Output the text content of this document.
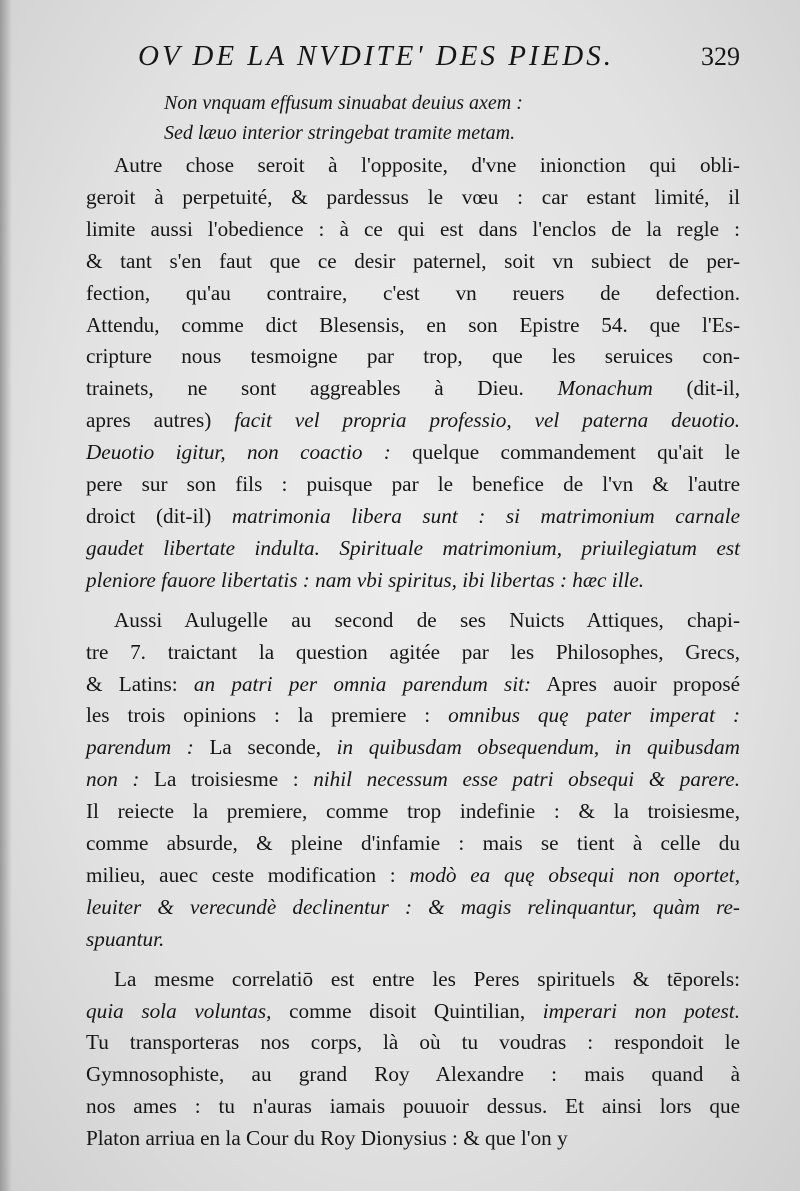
OV DE LA NVDITE' DES PIEDS.	329

Non vnquam effusum sinuabat deuius axem :

Sed læuo interior stringebat tramite metam.

Autre chose seroit à l'opposite, d'vne inionction qui obli-
geroit à perpetuité, & pardessus le vœu : car estant limité, il
limite aussi l'obedience : à ce qui est dans l'enclos de la regle :
& tant s'en faut que ce desir paternel, soit vn subiect de per-
fection, qu'au contraire, c'est vn reuers de defection.
Attendu, comme dict Blesensis, en son Epistre 54. que l'Es-
cripture nous tesmoigne par trop, que les seruices con-
trainets, ne sont aggreables à Dieu. Monachum (dit-il,
apres autres) facit vel propria professio, vel paterna deuotio.
Deuotio igitur, non coactio : quelque commandement qu'ait le
pere sur son fils : puisque par le benefice de l'vn & l'autre
droict (dit-il) matrimonia libera sunt : si matrimonium carnale
gaudet libertate indulta. Spirituale matrimonium, priuilegiatum est
pleniore fauore libertatis : nam vbi spiritus, ibi libertas : hæc ille.

Aussi Aulugelle au second de ses Nuicts Attiques, chapi-
tre 7. traictant la question agitée par les Philosophes, Grecs,
& Latins: an patri per omnia parendum sit: Apres auoir proposé
les trois opinions : la premiere : omnibus quę pater imperat :
parendum : La seconde, in quibusdam obsequendum, in quibusdam
non : La troisiesme : nihil necessum esse patri obsequi & parere.
Il reiecte la premiere, comme trop indefinie : & la troisiesme,
comme absurde, & pleine d'infamie : mais se tient à celle du
milieu, auec ceste modification : modò ea quę obsequi non oportet,
leuiter & verecundè declinentur : & magis relinquantur, quàm re-
spuantur.

La mesme correlatiō est entre les Peres spirituels & tēporels:
quia sola voluntas, comme disoit Quintilian, imperari non potest.
Tu transporteras nos corps, là où tu voudras : respondoit le
Gymnosophiste, au grand Roy Alexandre : mais quand à
nos ames : tu n'auras iamais pouuoir dessus. Et ainsi lors que
Platon arriua en la Cour du Roy Dionysius : & que l'on y
